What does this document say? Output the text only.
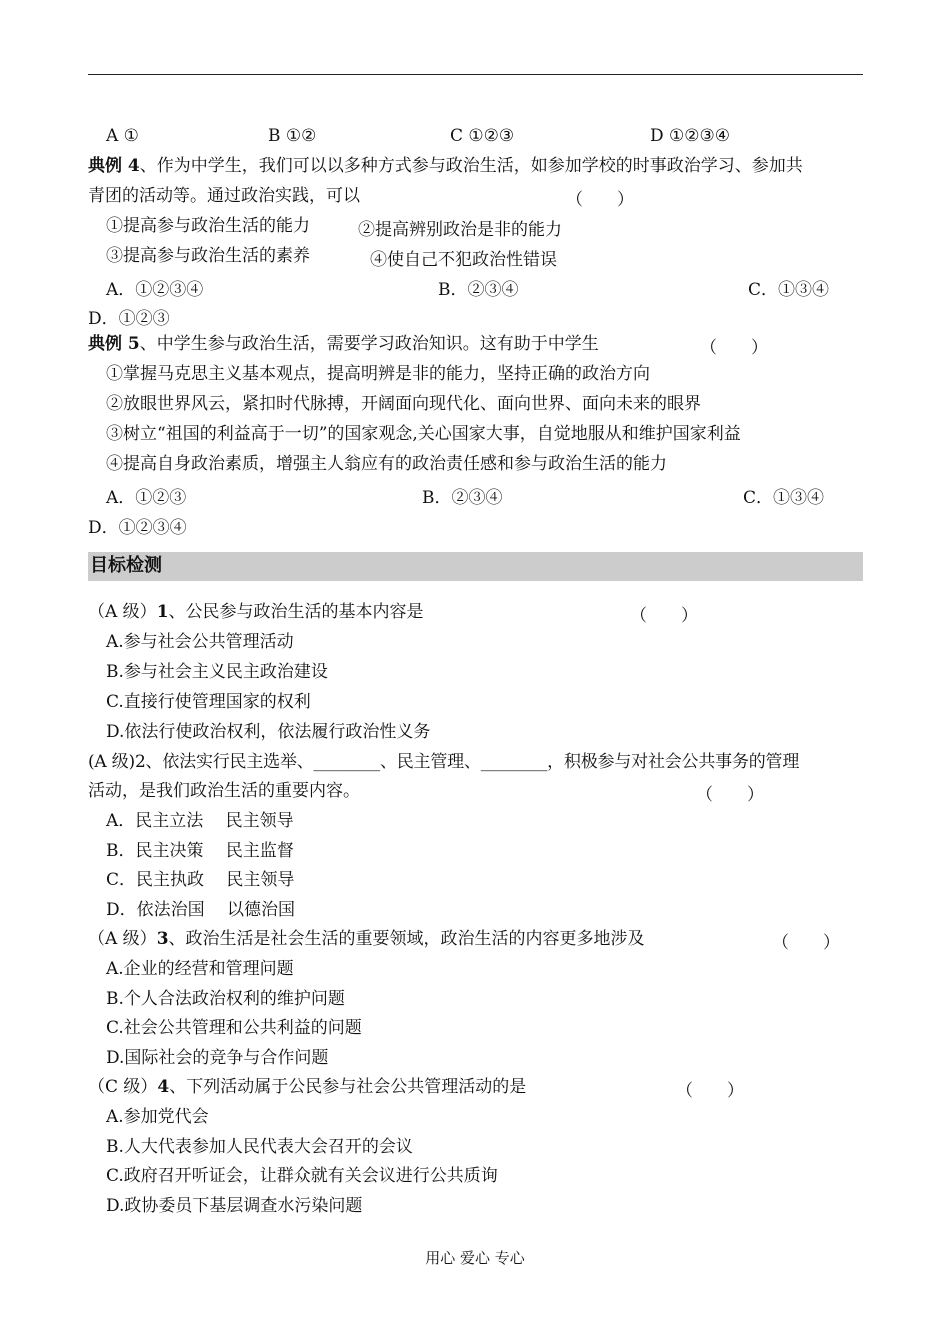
A ①	B ①②	C ①②③	D ①②③④
典例 4、作为中学生，我们可以以多种方式参与政治生活，如参加学校的时事政治学习、参加共
青团的活动等。通过政治实践，可以	（　　）
①提高参与政治生活的能力	②提高辨别政治是非的能力
③提高参与政治生活的素养	④使自己不犯政治性错误
A．①②③④	B．②③④	C．①③④
D．①②③
典例 5、中学生参与政治生活，需要学习政治知识。这有助于中学生	（　　）
①掌握马克思主义基本观点，提高明辨是非的能力，坚持正确的政治方向
②放眼世界风云，紧扣时代脉搏，开阔面向现代化、面向世界、面向未来的眼界
③树立“祖国的利益高于一切”的国家观念,关心国家大事，自觉地服从和维护国家利益
④提高自身政治素质，增强主人翁应有的政治责任感和参与政治生活的能力
A．①②③	B．②③④	C．①③④
D．①②③④
目标检测
（A 级）1、公民参与政治生活的基本内容是	（　　）
A.参与社会公共管理活动
B.参与社会主义民主政治建设
C.直接行使管理国家的权利
D.依法行使政治权利，依法履行政治性义务
(A 级)2、依法实行民主选举、________、民主管理、________，积极参与对社会公共事务的管理
活动，是我们政治生活的重要内容。	（　　）
A．民主立法　 民主领导
B．民主决策　 民主监督
C．民主执政　 民主领导
D．依法治国　 以德治国
（A 级）3、政治生活是社会生活的重要领域，政治生活的内容更多地涉及	（　　）
A.企业的经营和管理问题
B.个人合法政治权利的维护问题
C.社会公共管理和公共利益的问题
D.国际社会的竞争与合作问题
（C 级）4、下列活动属于公民参与社会公共管理活动的是	（　　）
A.参加党代会
B.人大代表参加人民代表大会召开的会议
C.政府召开听证会，让群众就有关会议进行公共质询
D.政协委员下基层调查水污染问题
用心 爱心 专心
